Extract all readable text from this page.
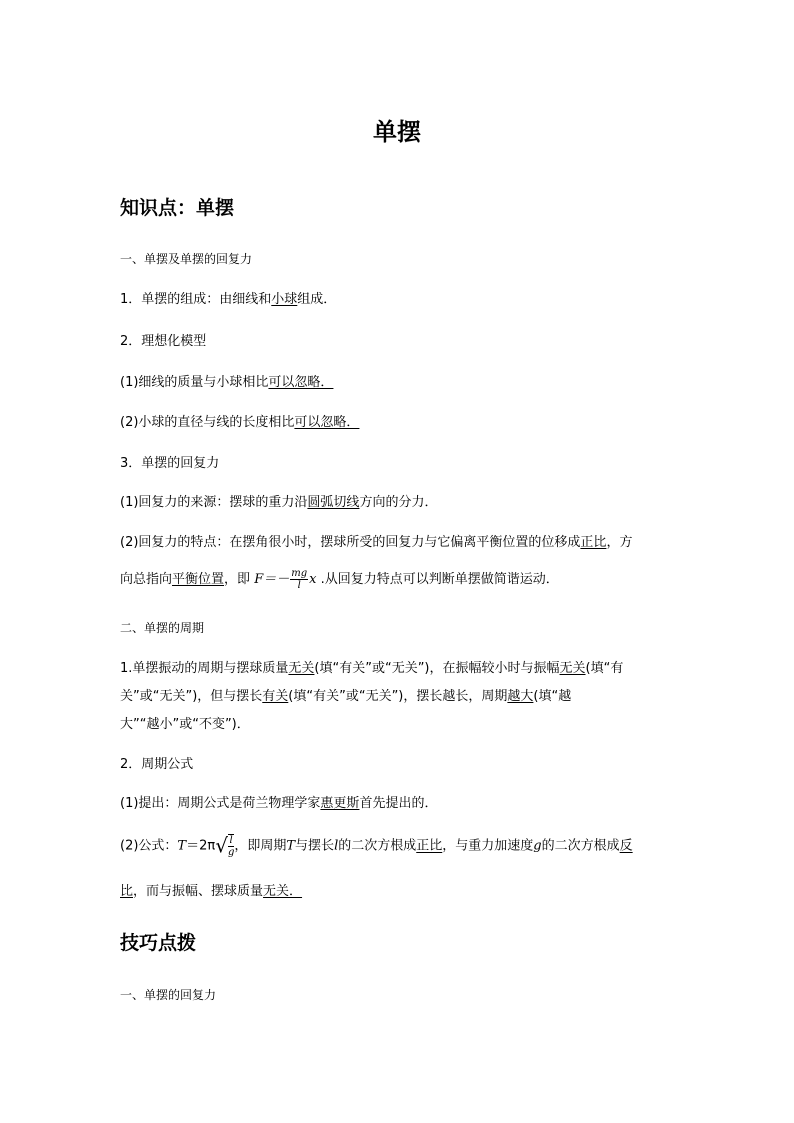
单摆
知识点：单摆
一、单摆及单摆的回复力
1．单摆的组成：由细线和小球组成．
2．理想化模型
(1)细线的质量与小球相比可以忽略．
(2)小球的直径与线的长度相比可以忽略．
3．单摆的回复力
(1)回复力的来源：摆球的重力沿圆弧切线方向的分力．
(2)回复力的特点：在摆角很小时，摆球所受的回复力与它偏离平衡位置的位移成正比，方
向总指向平衡位置，即 $F=- \frac{mg}{l}$ x .从回复力特点可以判断单摆做简谐运动．
二、单摆的周期
1.单摆振动的周期与摆球质量无关(填“有关”或“无关”)，在振幅较小时与振幅无关(填“有
关”或“无关”)，但与摆长有关(填“有关”或“无关”)，摆长越长，周期越大(填“越
大”“越小”或“不变”)．
2．周期公式
(1)提出：周期公式是荷兰物理学家惠更斯首先提出的．
(2)公式：$T=2\pi√ \frac{l}{g}$，即周期T与摆长l的二次方根成正比，与重力加速度g的二次方根成反
比，而与振幅、摆球质量无关．
技巧点拨
一、单摆的回复力
